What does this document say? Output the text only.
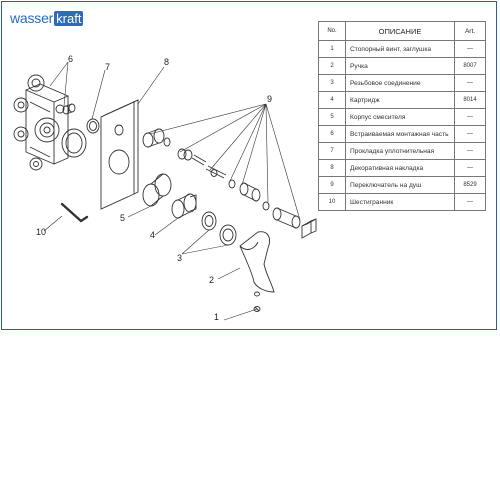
wasser kraft
1
2
3
4
5
6
7	8
9
10
No.	ОПИСАНИЕ	Art.
1	Стопорный винт, заглушка	—
2	Ручка	8007
3	Резьбовое соединение	—
4	Картридж	8014
5	Корпус смесителя	—
6	Встраиваемая монтажная часть	—
7	Прокладка уплотнительная	—
8	Декоративная накладка	—
9	Переключатель на душ	8529
10	Шестигранник	—
